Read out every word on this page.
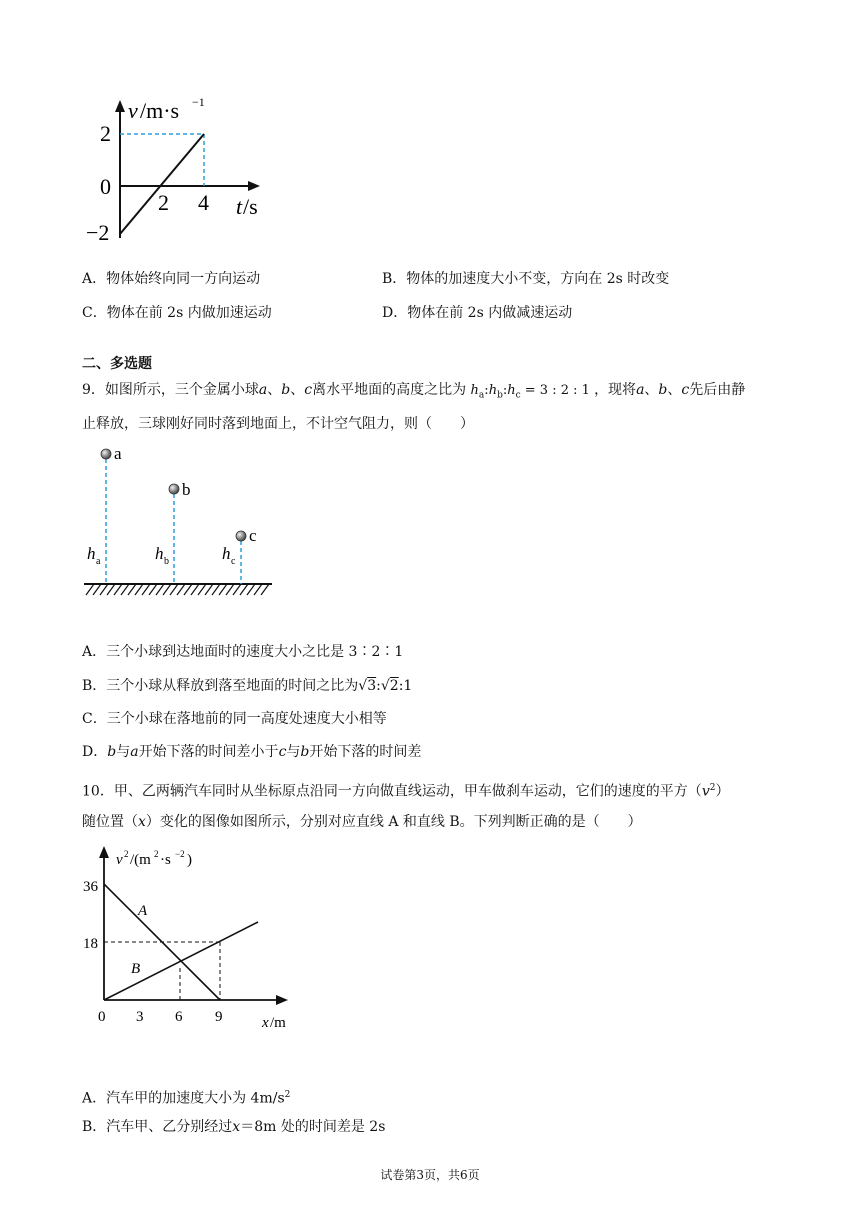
v /m·s −1
2
0
−2
2 4 t /s
A．物体始终向同一方向运动	B．物体的加速度大小不变，方向在 2s 时改变
C．物体在前 2s 内做加速运动	D．物体在前 2s 内做减速运动
二、多选题
9．如图所示，三个金属小球a、b、c离水平地面的高度之比为 $h_a:h_b:h_c = 3$ : 2 : 1 ，现将a、b、c先后由静
止释放，三球刚好同时落到地面上，不计空气阻力，则（　　）
a
b
c
h a	h b	h c
A．三个小球到达地面时的速度大小之比是 3∶2∶1
B．三个小球从释放到落至地面的时间之比为√3:√2:1
C．三个小球在落地前的同一高度处速度大小相等
D．b与a开始下落的时间差小于c与b开始下落的时间差
10．甲、乙两辆汽车同时从坐标原点沿同一方向做直线运动，甲车做刹车运动，它们的速度的平方$(v^2)$
随位置（x）变化的图像如图所示，分别对应直线 A 和直线 B。下列判断正确的是（　　）
v 2 /(m 2 ·s −2 )
36
18
0 3 6 9	x /m
A
B
A．汽车甲的加速度大小为 $4m/s^2$
B．汽车甲、乙分别经过x＝8m 处的时间差是 2s
试卷第3页，共6页
